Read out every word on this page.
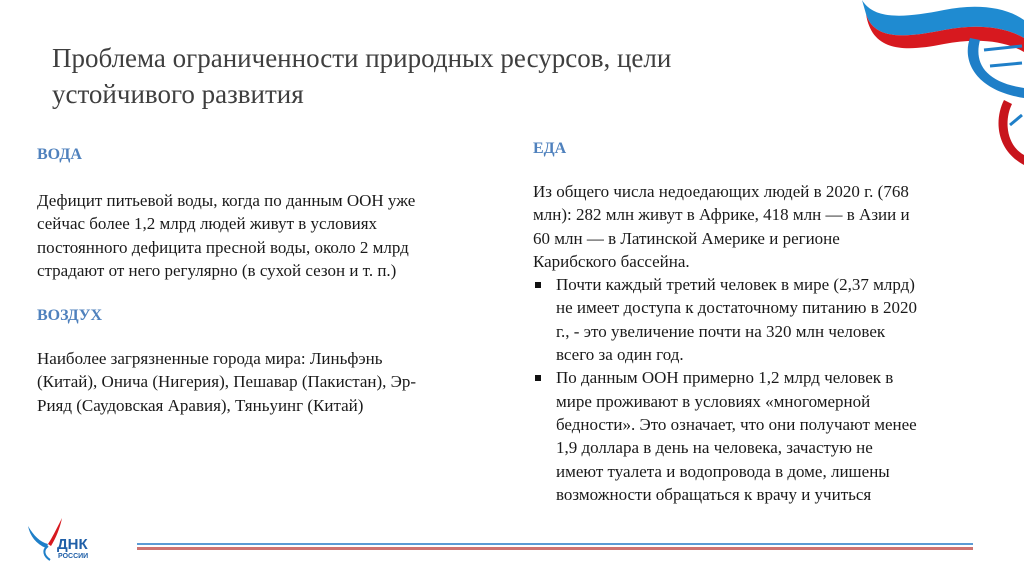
Проблема ограниченности природных ресурсов, цели
устойчивого развития
ВОДА
Дефицит питьевой воды, когда по данным ООН уже
сейчас более 1,2 млрд людей живут в условиях
постоянного дефицита пресной воды, около 2 млрд
страдают от него регулярно (в сухой сезон и т. п.)
ВОЗДУХ
Наиболее загрязненные города мира: Линьфэнь
(Китай), Онича (Нигерия), Пешавар (Пакистан), Эр-
Рияд (Саудовская Аравия), Тяньуинг (Китай)
ЕДА
Из общего числа недоедающих людей в 2020 г. (768
млн): 282 млн живут в Африке, 418 млн — в Азии и
60 млн — в Латинской Америке и регионе
Карибского бассейна.
Почти каждый третий человек в мире (2,37 млрд)
не имеет доступа к достаточному питанию в 2020
г., - это увеличение почти на 320 млн человек
всего за один год.
По данным ООН примерно 1,2 млрд человек в
мире проживают в условиях «многомерной
бедности». Это означает, что они получают менее
1,9 доллара в день на человека, зачастую не
имеют туалета и водопровода в доме, лишены
возможности обращаться к врачу и учиться
ДНК
РОССИИ
